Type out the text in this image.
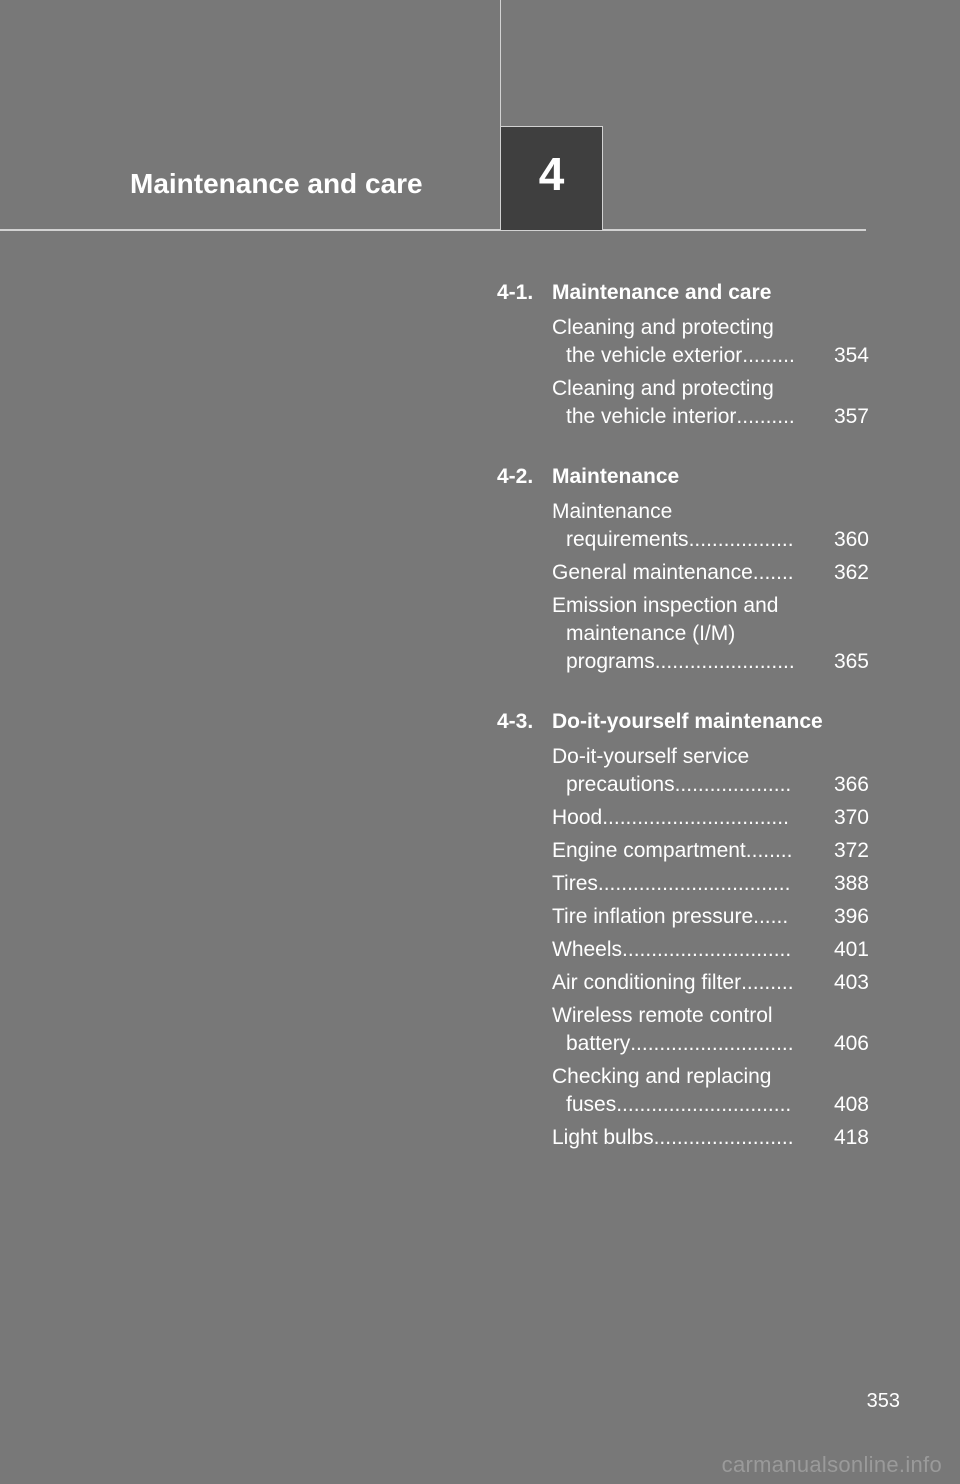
Maintenance and care	4
4-1. Maintenance and care
Cleaning and protecting
the vehicle exterior .........	354
Cleaning and protecting
the vehicle interior ..........	357
4-2. Maintenance
Maintenance
requirements ..................	360
General maintenance .......	362
Emission inspection and
maintenance (I/M)
programs ........................	365
4-3. Do-it-yourself maintenance
Do-it-yourself service
precautions ....................	366
Hood ................................	370
Engine compartment ........	372
Tires .................................	388
Tire inflation pressure ......	396
Wheels .............................	401
Air conditioning filter .........	403
Wireless remote control
battery ............................	406
Checking and replacing
fuses ..............................	408
Light bulbs ........................	418
353
carmanualsonline.info
